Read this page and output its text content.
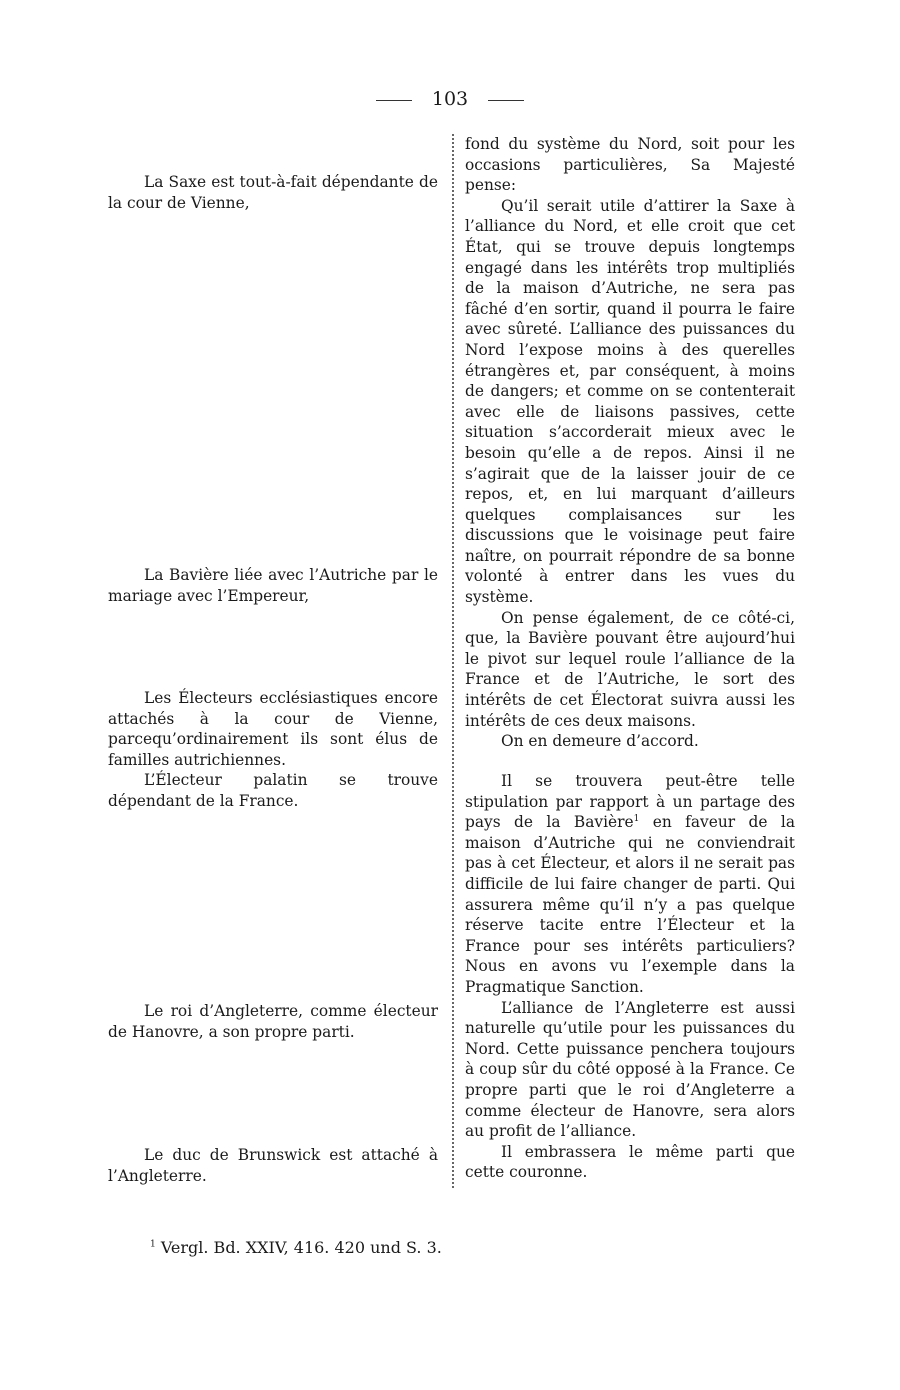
103

La Saxe est tout-à-fait dépendante de la cour de Vienne,

La Bavière liée avec l’Autriche par le mariage avec l’Empereur,

Les Électeurs ecclésiastiques encore attachés à la cour de Vienne, parcequ’ordinairement ils sont élus de familles autrichiennes.

L’Électeur palatin se trouve dépendant de la France.

Le roi d’Angleterre, comme électeur de Hanovre, a son propre parti.

Le duc de Brunswick est attaché à l’Angleterre.

fond du système du Nord, soit pour les occasions particulières, Sa Majesté pense:

Qu’il serait utile d’attirer la Saxe à l’alliance du Nord, et elle croit que cet État, qui se trouve depuis longtemps engagé dans les intérêts trop multipliés de la maison d’Autriche, ne sera pas fâché d’en sortir, quand il pourra le faire avec sûreté. L’alliance des puissances du Nord l’expose moins à des querelles étrangères et, par conséquent, à moins de dangers; et comme on se contenterait avec elle de liaisons passives, cette situation s’accorderait mieux avec le besoin qu’elle a de repos. Ainsi il ne s’agirait que de la laisser jouir de ce repos, et, en lui marquant d’ailleurs quelques complaisances sur les discussions que le voisinage peut faire naître, on pourrait répondre de sa bonne volonté à entrer dans les vues du système.

On pense également, de ce côté-ci, que, la Bavière pouvant être aujourd’hui le pivot sur lequel roule l’alliance de la France et de l’Autriche, le sort des intérêts de cet Électorat suivra aussi les intérêts de ces deux maisons.

On en demeure d’accord.

Il se trouvera peut-être telle stipulation par rapport à un partage des pays de la Bavière$^1$ en faveur de la maison d’Autriche qui ne conviendrait pas à cet Électeur, et alors il ne serait pas difficile de lui faire changer de parti. Qui assurera même qu’il n’y a pas quelque réserve tacite entre l’Électeur et la France pour ses intérêts particuliers? Nous en avons vu l’exemple dans la Pragmatique Sanction.

L’alliance de l’Angleterre est aussi naturelle qu’utile pour les puissances du Nord. Cette puissance penchera toujours à coup sûr du côté opposé à la France. Ce propre parti que le roi d’Angleterre a comme électeur de Hanovre, sera alors au profit de l’alliance.

Il embrassera le même parti que cette couronne.

$^1$ Vergl. Bd. XXIV, 416. 420 und S. 3.
